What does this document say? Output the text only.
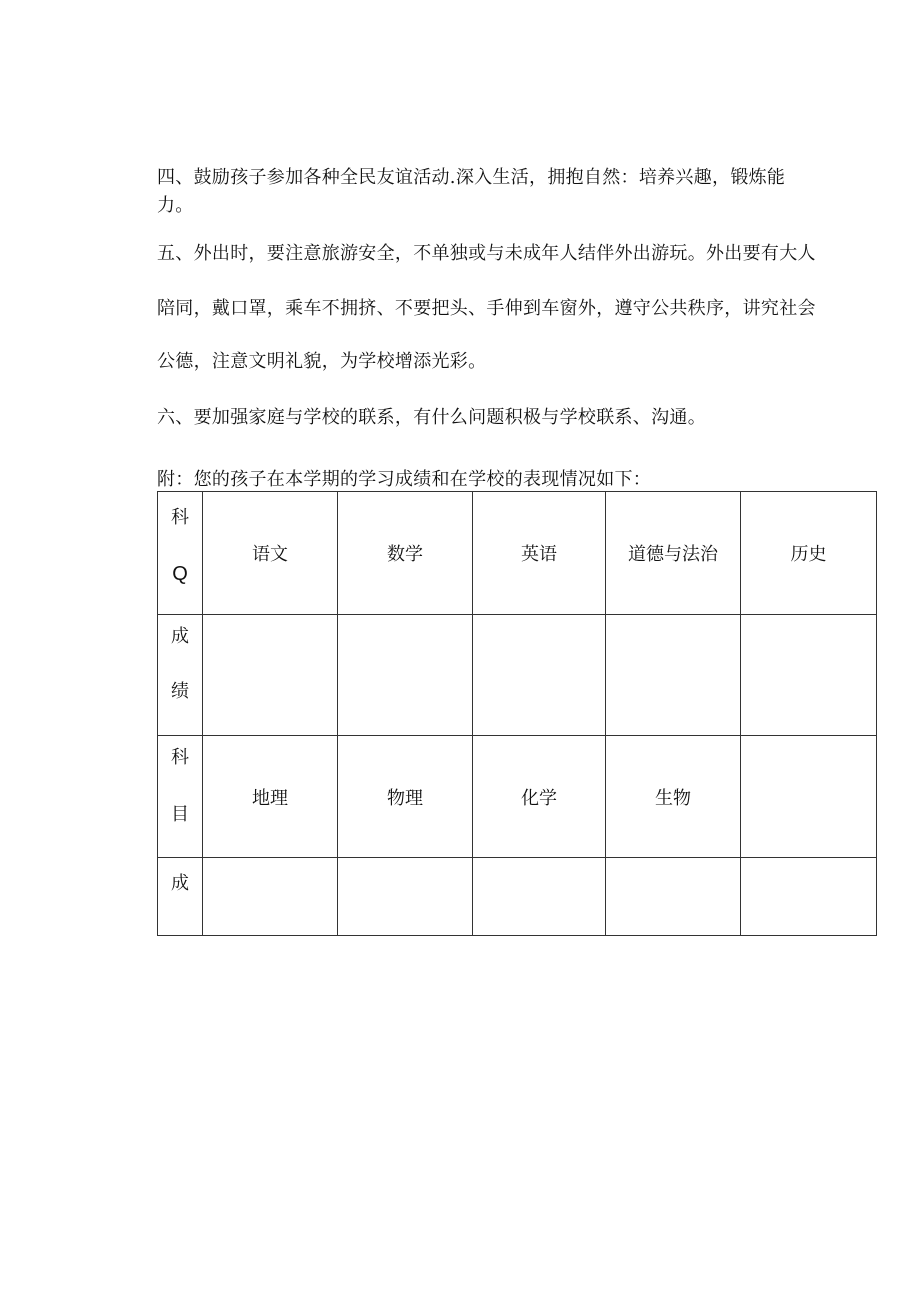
四、鼓励孩子参加各种全民友谊活动.深入生活，拥抱自然：培养兴趣，锻炼能

力。

五、外出时，要注意旅游安全，不单独或与未成年人结伴外出游玩。外出要有大人

陪同，戴口罩，乘车不拥挤、不要把头、手伸到车窗外，遵守公共秩序，讲究社会

公德，注意文明礼貌，为学校增添光彩。

六、要加强家庭与学校的联系，有什么问题积极与学校联系、沟通。

附：您的孩子在本学期的学习成绩和在学校的表现情况如下：

科
Q	语文	数学	英语	道德与法治	历史

成
绩					

科
目	地理	物理	化学	生物	

成					
